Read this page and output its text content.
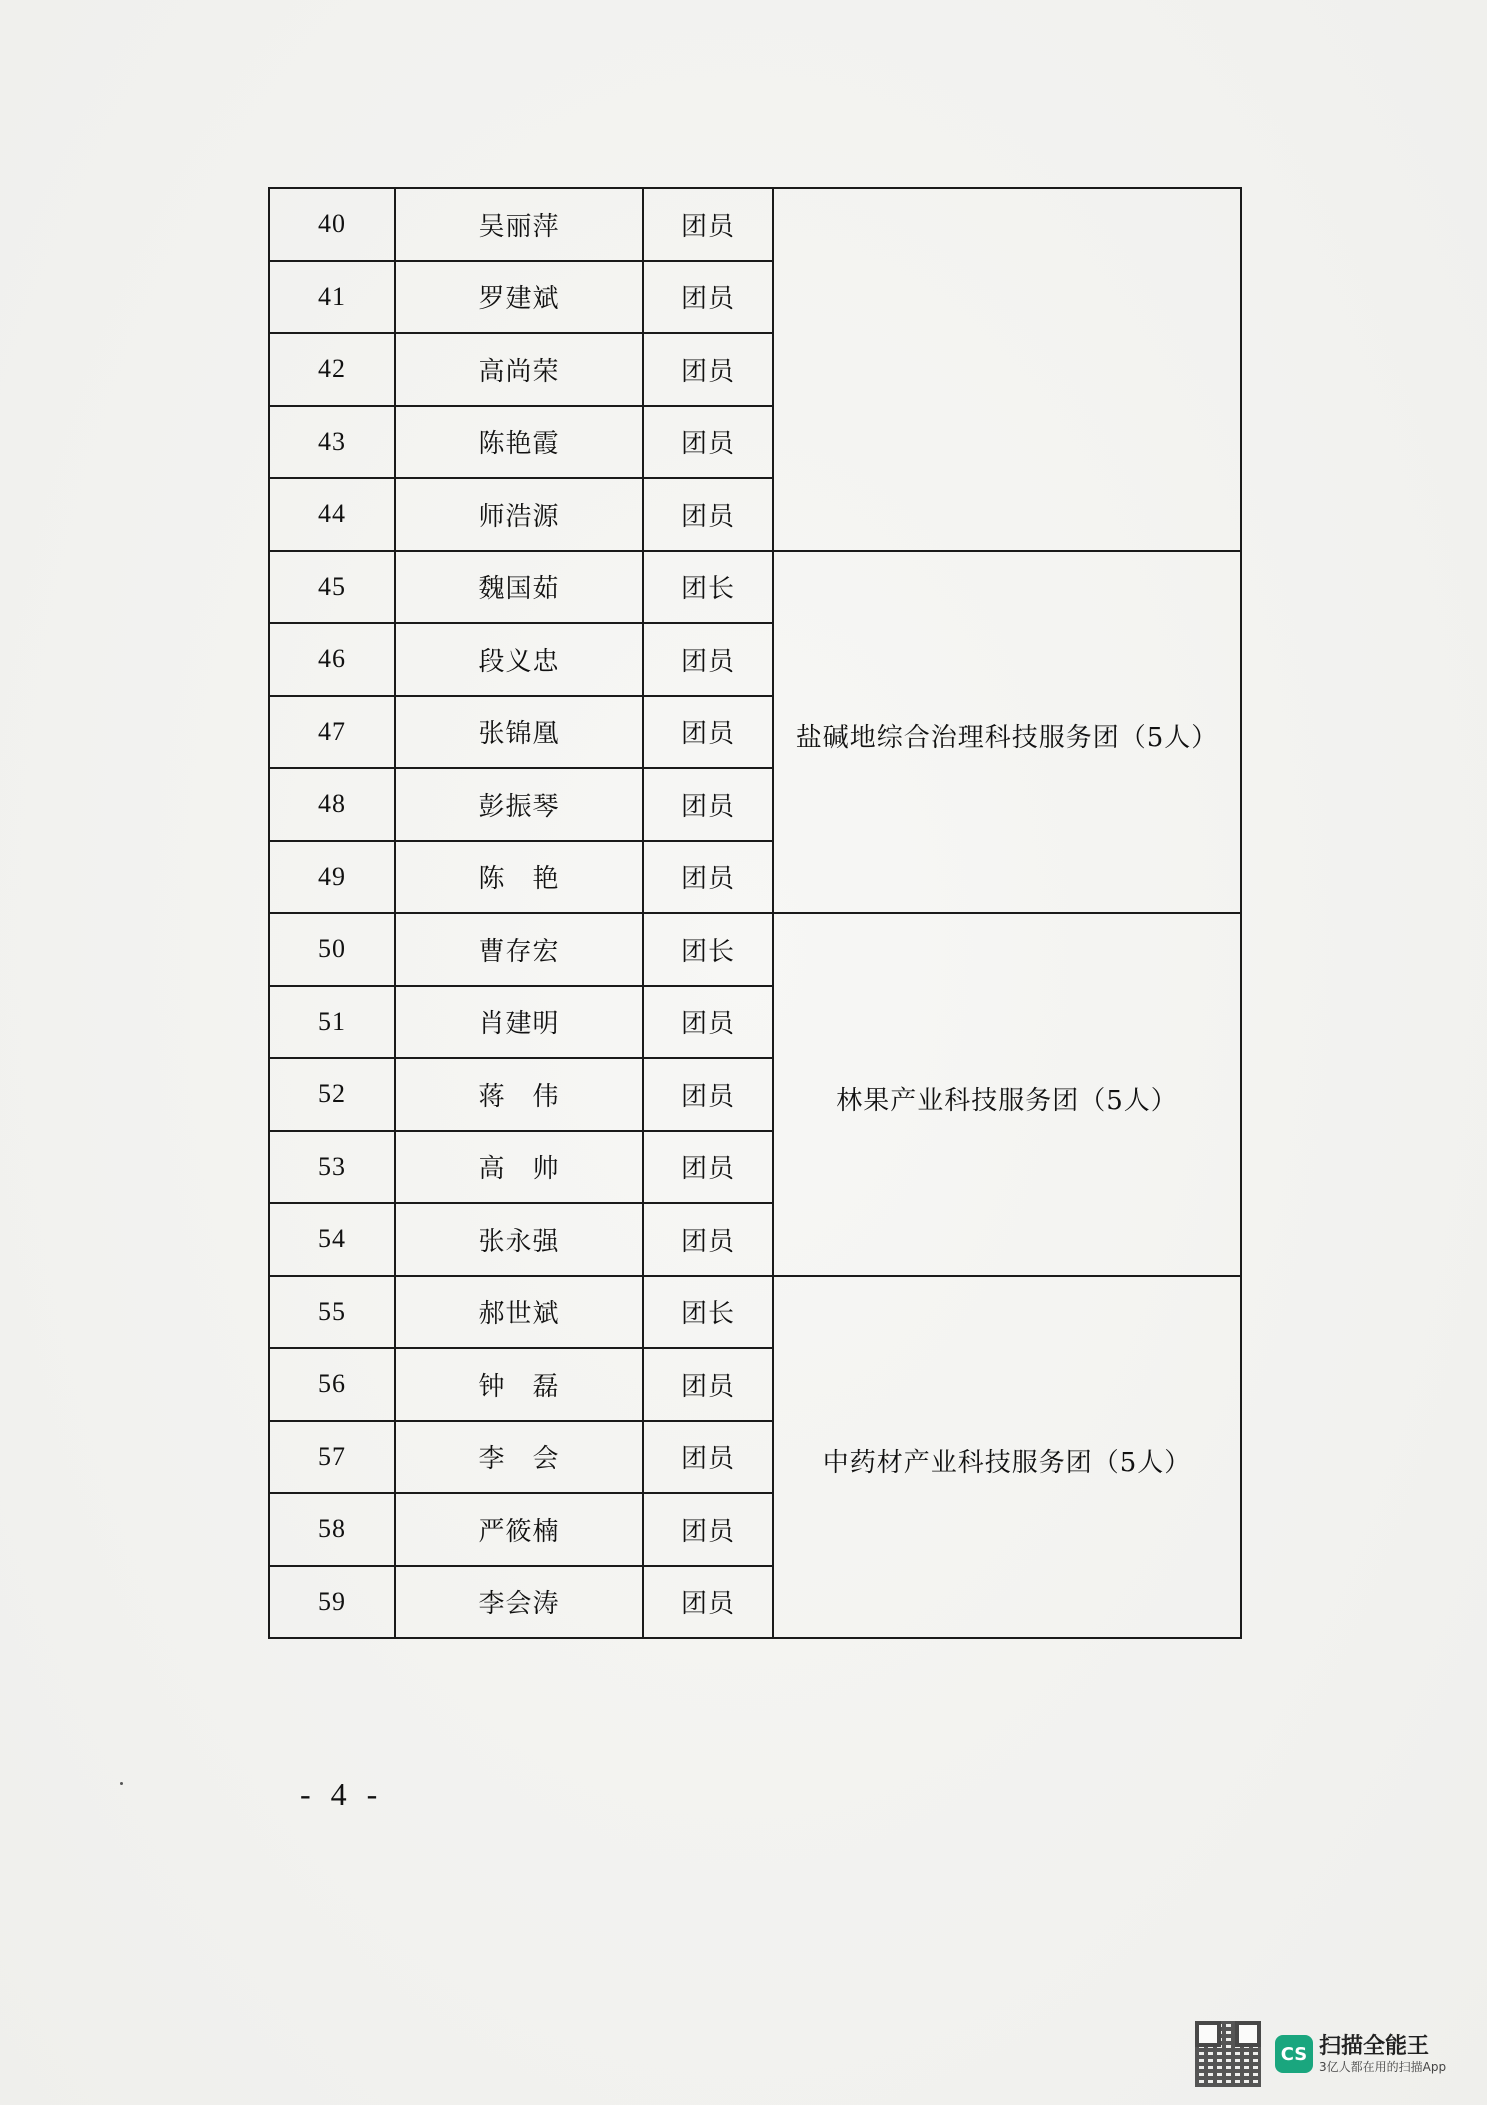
40	吴丽萍	团员	
41	罗建斌	团员	
42	高尚荣	团员	
43	陈艳霞	团员	
44	师浩源	团员	
45	魏国茹	团长	盐碱地综合治理科技服务团（5人）
46	段义忠	团员	
47	张锦凰	团员	
48	彭振琴	团员	
49	陈　艳	团员	
50	曹存宏	团长	林果产业科技服务团（5人）
51	肖建明	团员	
52	蒋　伟	团员	
53	高　帅	团员	
54	张永强	团员	
55	郝世斌	团长	中药材产业科技服务团（5人）
56	钟　磊	团员	
57	李　会	团员	
58	严筱楠	团员	
59	李会涛	团员	
- 4 -
CS 扫描全能王
3亿人都在用的扫描App
